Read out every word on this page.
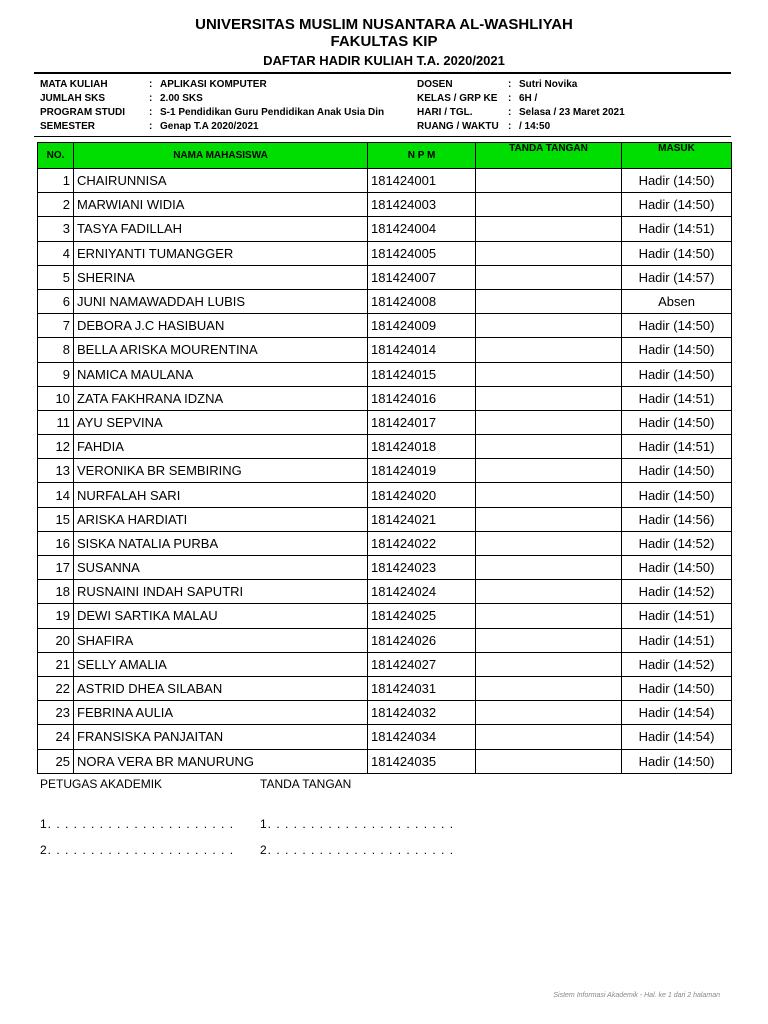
UNIVERSITAS MUSLIM NUSANTARA AL-WASHLIYAH
FAKULTAS KIP
DAFTAR HADIR KULIAH T.A. 2020/2021
MATA KULIAH	: APLIKASI KOMPUTER
JUMLAH SKS	: 2.00 SKS
PROGRAM STUDI	: S-1 Pendidikan Guru Pendidikan Anak Usia Din
SEMESTER	: Genap T.A 2020/2021
DOSEN	: Sutri Novika
KELAS / GRP KE	: 6H /
HARI / TGL.	: Selasa / 23 Maret 2021
RUANG / WAKTU : / 14:50
NO.	NAMA MAHASISWA	N P M	TANDA TANGAN	MASUK
1	CHAIRUNNISA	181424001		Hadir (14:50)
2	MARWIANI WIDIA	181424003		Hadir (14:50)
3	TASYA FADILLAH	181424004		Hadir (14:51)
4	ERNIYANTI TUMANGGER	181424005		Hadir (14:50)
5	SHERINA	181424007		Hadir (14:57)
6	JUNI NAMAWADDAH LUBIS	181424008		Absen
7	DEBORA J.C HASIBUAN	181424009		Hadir (14:50)
8	BELLA ARISKA MOURENTINA	181424014		Hadir (14:50)
9	NAMICA MAULANA	181424015		Hadir (14:50)
10	ZATA FAKHRANA IDZNA	181424016		Hadir (14:51)
11	AYU SEPVINA	181424017		Hadir (14:50)
12	FAHDIA	181424018		Hadir (14:51)
13	VERONIKA BR SEMBIRING	181424019		Hadir (14:50)
14	NURFALAH SARI	181424020		Hadir (14:50)
15	ARISKA HARDIATI	181424021		Hadir (14:56)
16	SISKA NATALIA PURBA	181424022		Hadir (14:52)
17	SUSANNA	181424023		Hadir (14:50)
18	RUSNAINI INDAH SAPUTRI	181424024		Hadir (14:52)
19	DEWI SARTIKA MALAU	181424025		Hadir (14:51)
20	SHAFIRA	181424026		Hadir (14:51)
21	SELLY AMALIA	181424027		Hadir (14:52)
22	ASTRID DHEA SILABAN	181424031		Hadir (14:50)
23	FEBRINA AULIA	181424032		Hadir (14:54)
24	FRANSISKA PANJAITAN	181424034		Hadir (14:54)
25	NORA VERA BR MANURUNG	181424035		Hadir (14:50)
PETUGAS AKADEMIK
1. . . . . . . . . . . . . . . . . . . . . .
2. . . . . . . . . . . . . . . . . . . . . .
TANDA TANGAN
1. . . . . . . . . . . . . . . . . . . . . .
2. . . . . . . . . . . . . . . . . . . . . .
Sistem Informasi Akademik - Hal. ke 1 dari 2 halaman
